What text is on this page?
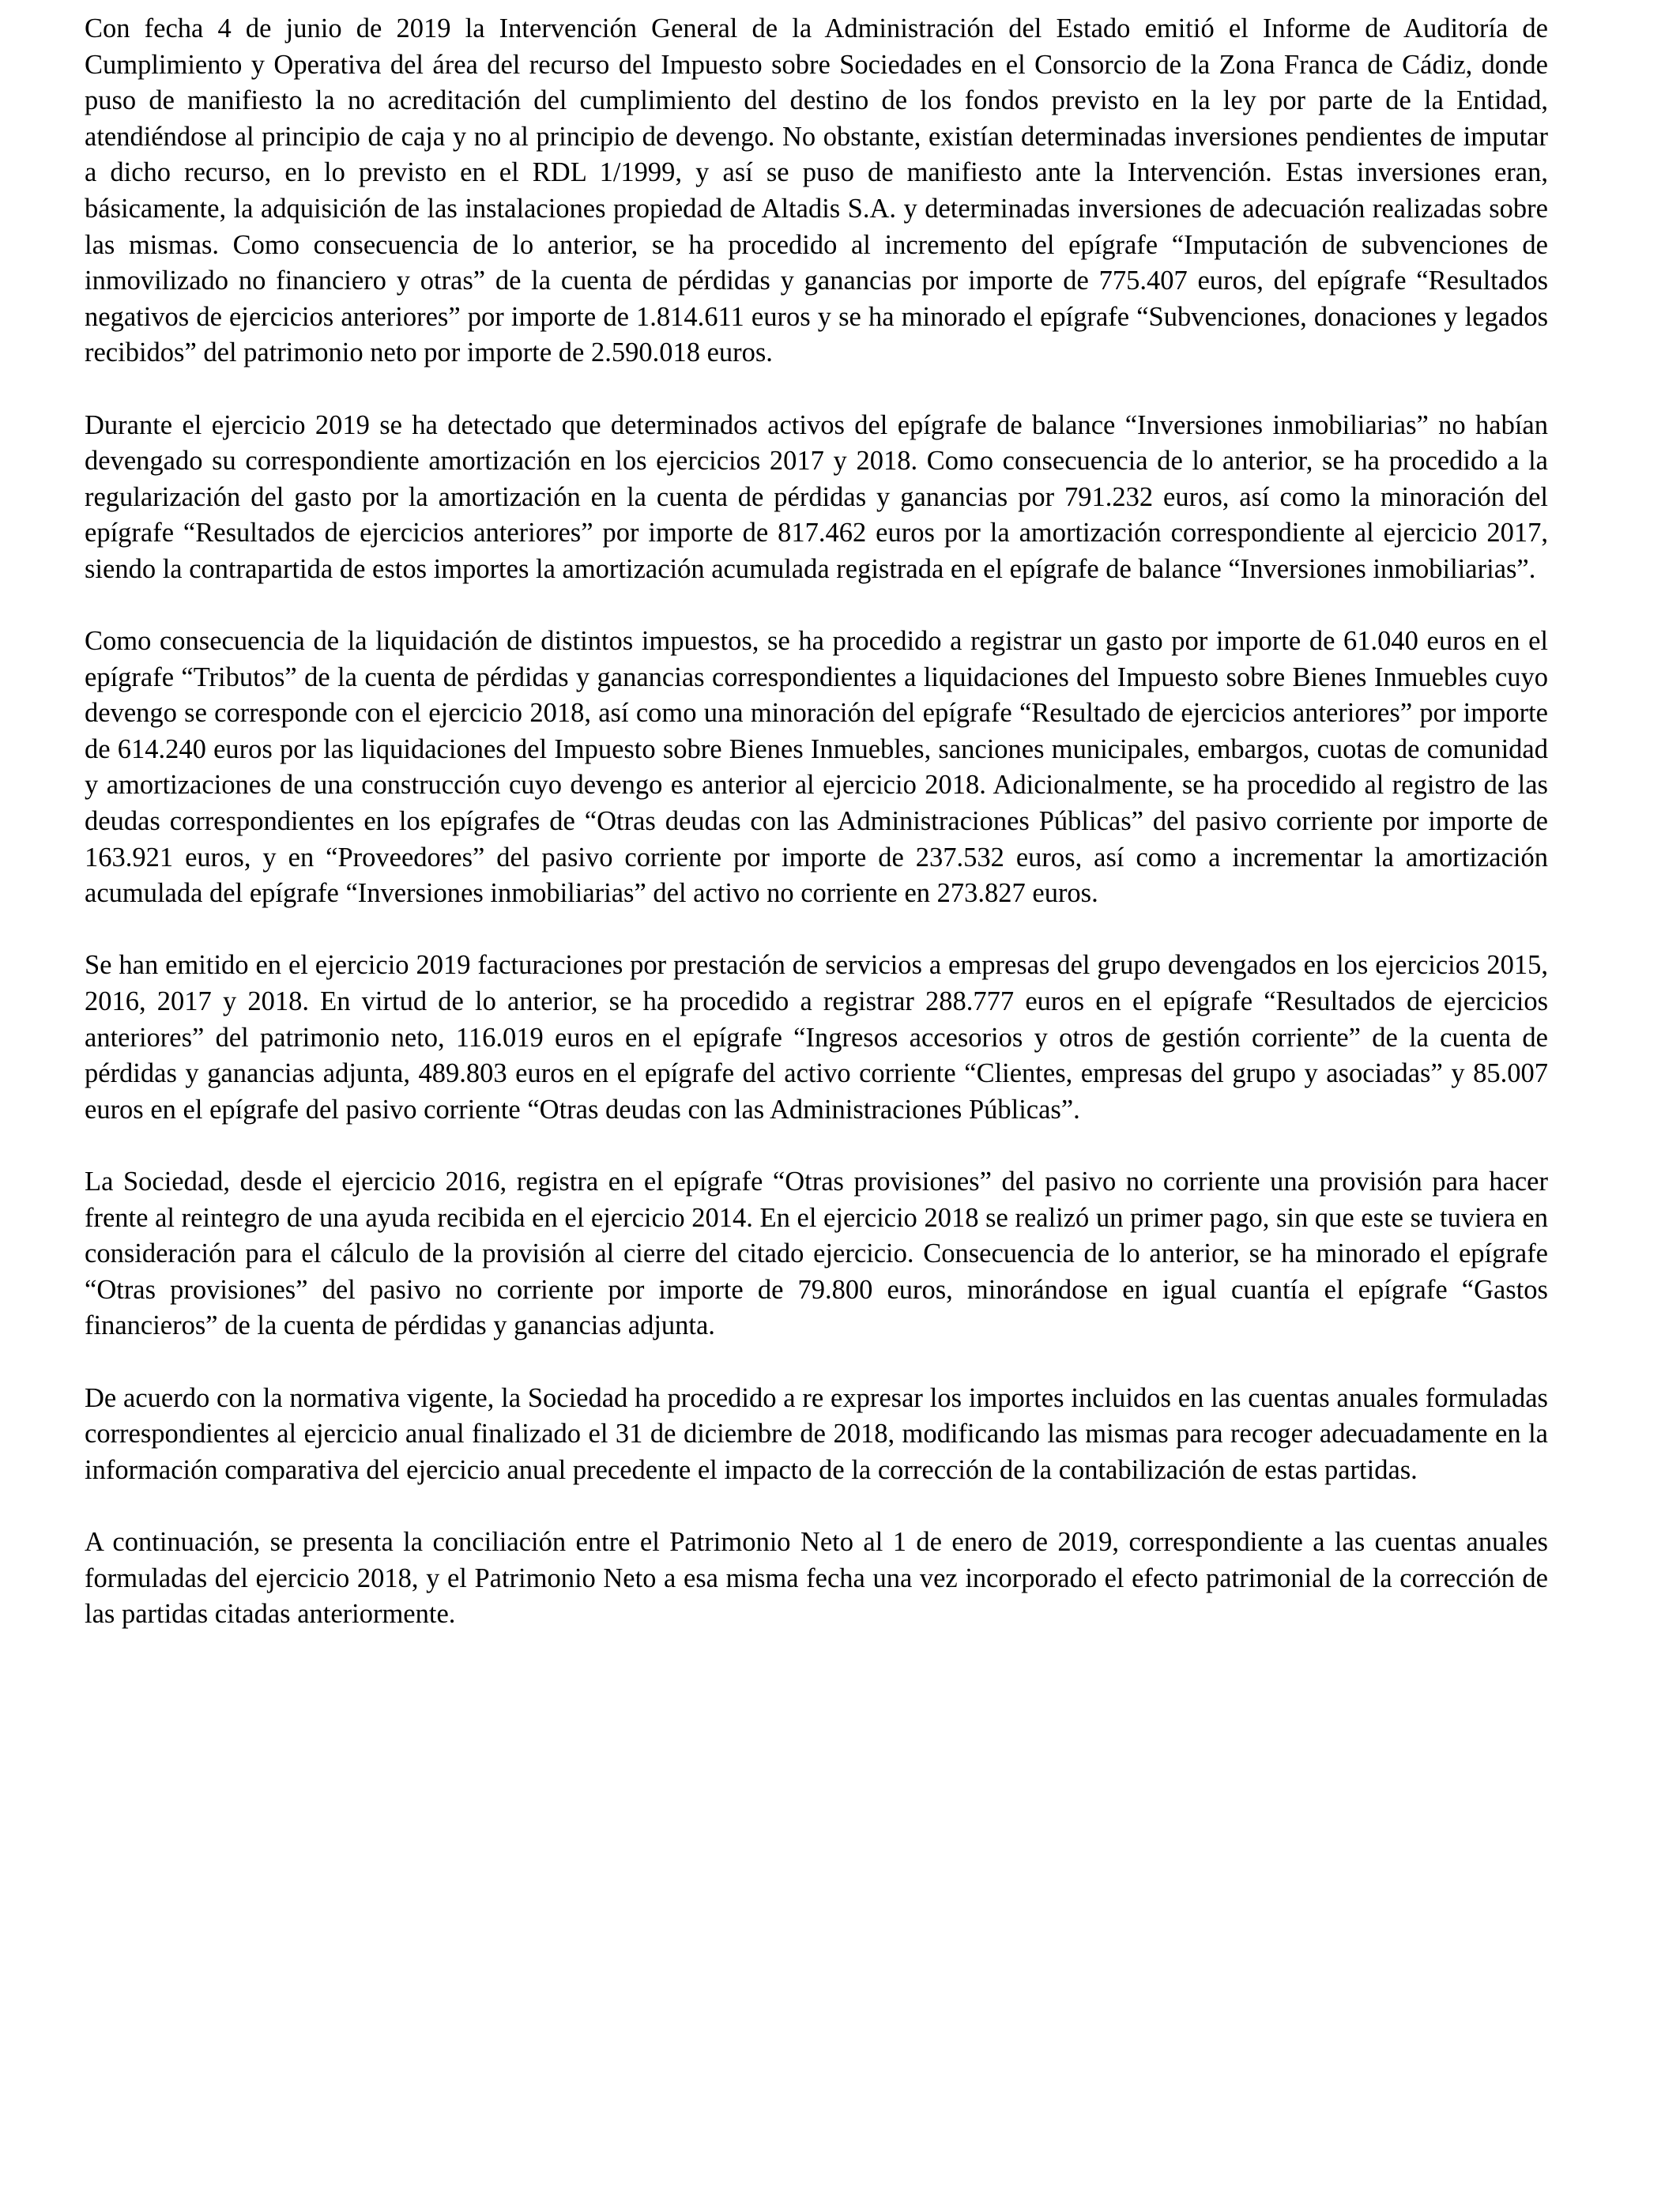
Con fecha 4 de junio de 2019 la Intervención General de la Administración del Estado emitió el Informe de Auditoría de Cumplimiento y Operativa del área del recurso del Impuesto sobre Sociedades en el Consorcio de la Zona Franca de Cádiz, donde puso de manifiesto la no acreditación del cumplimiento del destino de los fondos previsto en la ley por parte de la Entidad, atendiéndose al principio de caja y no al principio de devengo. No obstante, existían determinadas inversiones pendientes de imputar a dicho recurso, en lo previsto en el RDL 1/1999, y así se puso de manifiesto ante la Intervención. Estas inversiones eran, básicamente, la adquisición de las instalaciones propiedad de Altadis S.A. y determinadas inversiones de adecuación realizadas sobre las mismas. Como consecuencia de lo anterior, se ha procedido al incremento del epígrafe “Imputación de subvenciones de inmovilizado no financiero y otras” de la cuenta de pérdidas y ganancias por importe de 775.407 euros, del epígrafe “Resultados negativos de ejercicios anteriores” por importe de 1.814.611 euros y se ha minorado el epígrafe “Subvenciones, donaciones y legados recibidos” del patrimonio neto por importe de 2.590.018 euros.

Durante el ejercicio 2019 se ha detectado que determinados activos del epígrafe de balance “Inversiones inmobiliarias” no habían devengado su correspondiente amortización en los ejercicios 2017 y 2018. Como consecuencia de lo anterior, se ha procedido a la regularización del gasto por la amortización en la cuenta de pérdidas y ganancias por 791.232 euros, así como la minoración del epígrafe “Resultados de ejercicios anteriores” por importe de 817.462 euros por la amortización correspondiente al ejercicio 2017, siendo la contrapartida de estos importes la amortización acumulada registrada en el epígrafe de balance “Inversiones inmobiliarias”.

Como consecuencia de la liquidación de distintos impuestos, se ha procedido a registrar un gasto por importe de 61.040 euros en el epígrafe “Tributos” de la cuenta de pérdidas y ganancias correspondientes a liquidaciones del Impuesto sobre Bienes Inmuebles cuyo devengo se corresponde con el ejercicio 2018, así como una minoración del epígrafe “Resultado de ejercicios anteriores” por importe de 614.240 euros por las liquidaciones del Impuesto sobre Bienes Inmuebles, sanciones municipales, embargos, cuotas de comunidad y amortizaciones de una construcción cuyo devengo es anterior al ejercicio 2018. Adicionalmente, se ha procedido al registro de las deudas correspondientes en los epígrafes de “Otras deudas con las Administraciones Públicas” del pasivo corriente por importe de 163.921 euros, y en “Proveedores” del pasivo corriente por importe de 237.532 euros, así como a incrementar la amortización acumulada del epígrafe “Inversiones inmobiliarias” del activo no corriente en 273.827 euros.

Se han emitido en el ejercicio 2019 facturaciones por prestación de servicios a empresas del grupo devengados en los ejercicios 2015, 2016, 2017 y 2018. En virtud de lo anterior, se ha procedido a registrar 288.777 euros en el epígrafe “Resultados de ejercicios anteriores” del patrimonio neto, 116.019 euros en el epígrafe “Ingresos accesorios y otros de gestión corriente” de la cuenta de pérdidas y ganancias adjunta, 489.803 euros en el epígrafe del activo corriente “Clientes, empresas del grupo y asociadas” y 85.007 euros en el epígrafe del pasivo corriente “Otras deudas con las Administraciones Públicas”.

La Sociedad, desde el ejercicio 2016, registra en el epígrafe “Otras provisiones” del pasivo no corriente una provisión para hacer frente al reintegro de una ayuda recibida en el ejercicio 2014. En el ejercicio 2018 se realizó un primer pago, sin que este se tuviera en consideración para el cálculo de la provisión al cierre del citado ejercicio. Consecuencia de lo anterior, se ha minorado el epígrafe “Otras provisiones” del pasivo no corriente por importe de 79.800 euros, minorándose en igual cuantía el epígrafe “Gastos financieros” de la cuenta de pérdidas y ganancias adjunta.

De acuerdo con la normativa vigente, la Sociedad ha procedido a re expresar los importes incluidos en las cuentas anuales formuladas correspondientes al ejercicio anual finalizado el 31 de diciembre de 2018, modificando las mismas para recoger adecuadamente en la información comparativa del ejercicio anual precedente el impacto de la corrección de la contabilización de estas partidas.

A continuación, se presenta la conciliación entre el Patrimonio Neto al 1 de enero de 2019, correspondiente a las cuentas anuales formuladas del ejercicio 2018, y el Patrimonio Neto a esa misma fecha una vez incorporado el efecto patrimonial de la corrección de las partidas citadas anteriormente.
